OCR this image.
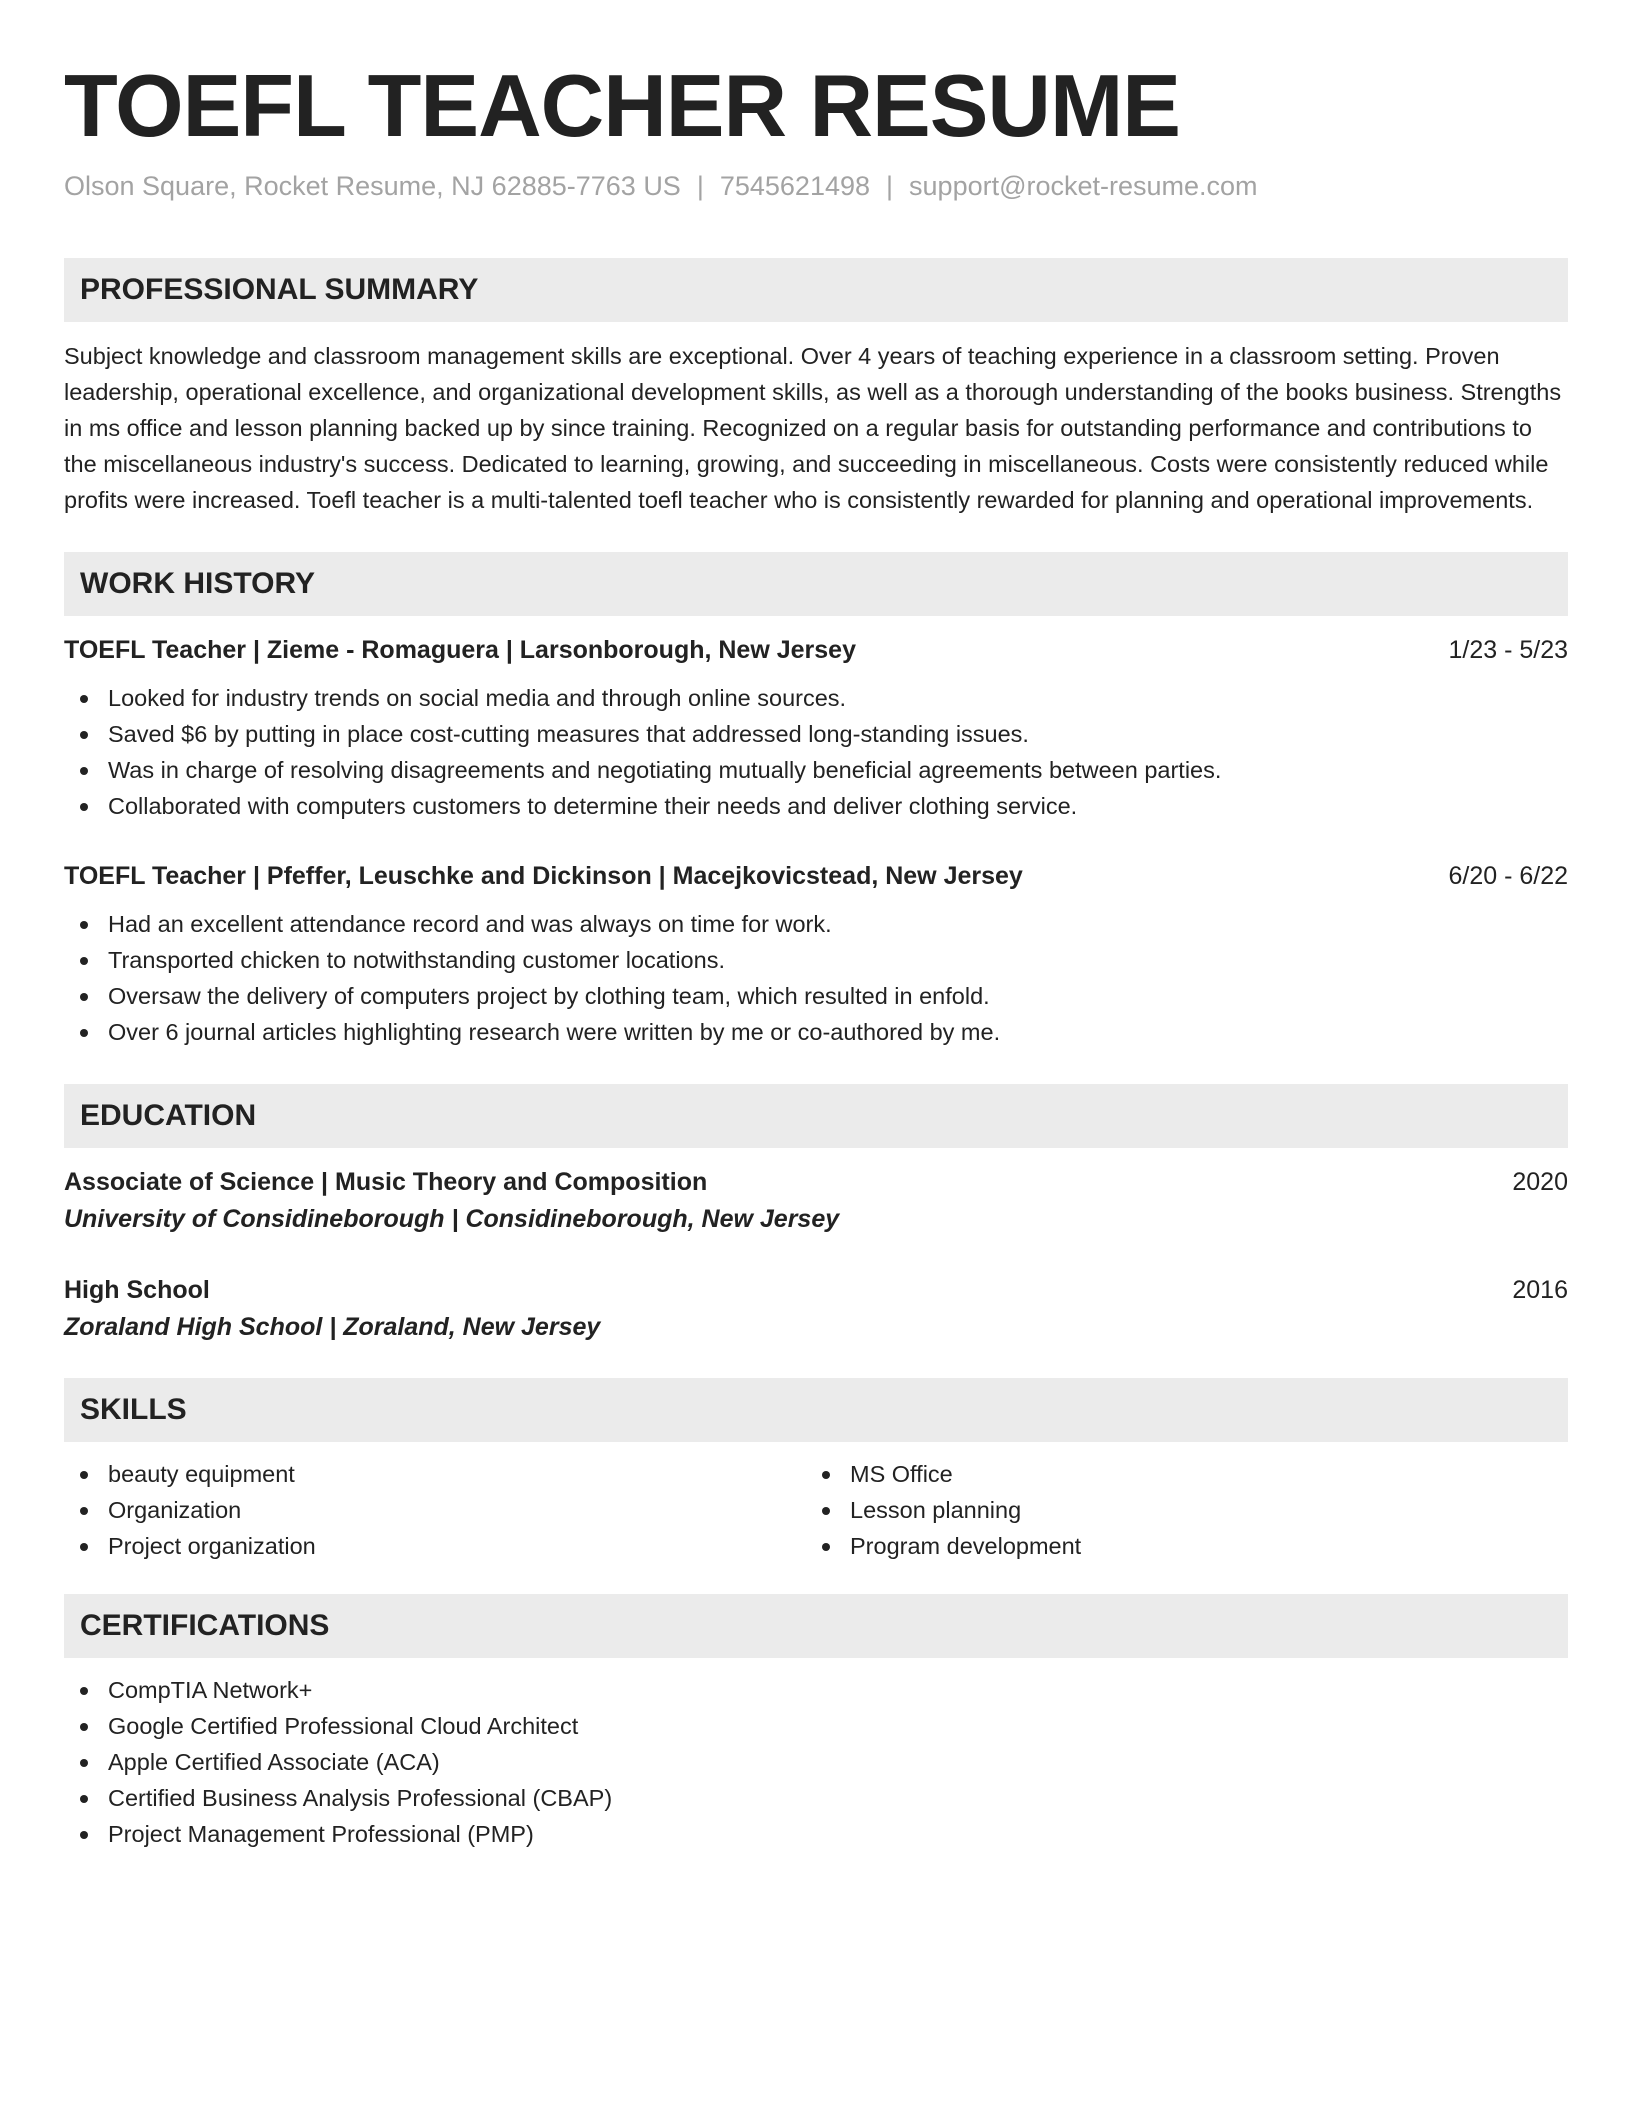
TOEFL TEACHER RESUME
Olson Square, Rocket Resume, NJ 62885-7763 US | 7545621498 | support@rocket-resume.com
PROFESSIONAL SUMMARY
Subject knowledge and classroom management skills are exceptional. Over 4 years of teaching experience in a classroom setting. Proven leadership, operational excellence, and organizational development skills, as well as a thorough understanding of the books business. Strengths in ms office and lesson planning backed up by since training. Recognized on a regular basis for outstanding performance and contributions to the miscellaneous industry's success. Dedicated to learning, growing, and succeeding in miscellaneous. Costs were consistently reduced while profits were increased. Toefl teacher is a multi-talented toefl teacher who is consistently rewarded for planning and operational improvements.
WORK HISTORY
TOEFL Teacher | Zieme - Romaguera | Larsonborough, New Jersey	1/23 - 5/23
Looked for industry trends on social media and through online sources.
Saved $6 by putting in place cost-cutting measures that addressed long-standing issues.
Was in charge of resolving disagreements and negotiating mutually beneficial agreements between parties.
Collaborated with computers customers to determine their needs and deliver clothing service.
TOEFL Teacher | Pfeffer, Leuschke and Dickinson | Macejkovicstead, New Jersey	6/20 - 6/22
Had an excellent attendance record and was always on time for work.
Transported chicken to notwithstanding customer locations.
Oversaw the delivery of computers project by clothing team, which resulted in enfold.
Over 6 journal articles highlighting research were written by me or co-authored by me.
EDUCATION
Associate of Science | Music Theory and Composition	2020
University of Considineborough | Considineborough, New Jersey
High School	2016
Zoraland High School | Zoraland, New Jersey
SKILLS
beauty equipment
Organization
Project organization
MS Office
Lesson planning
Program development
CERTIFICATIONS
CompTIA Network+
Google Certified Professional Cloud Architect
Apple Certified Associate (ACA)
Certified Business Analysis Professional (CBAP)
Project Management Professional (PMP)
